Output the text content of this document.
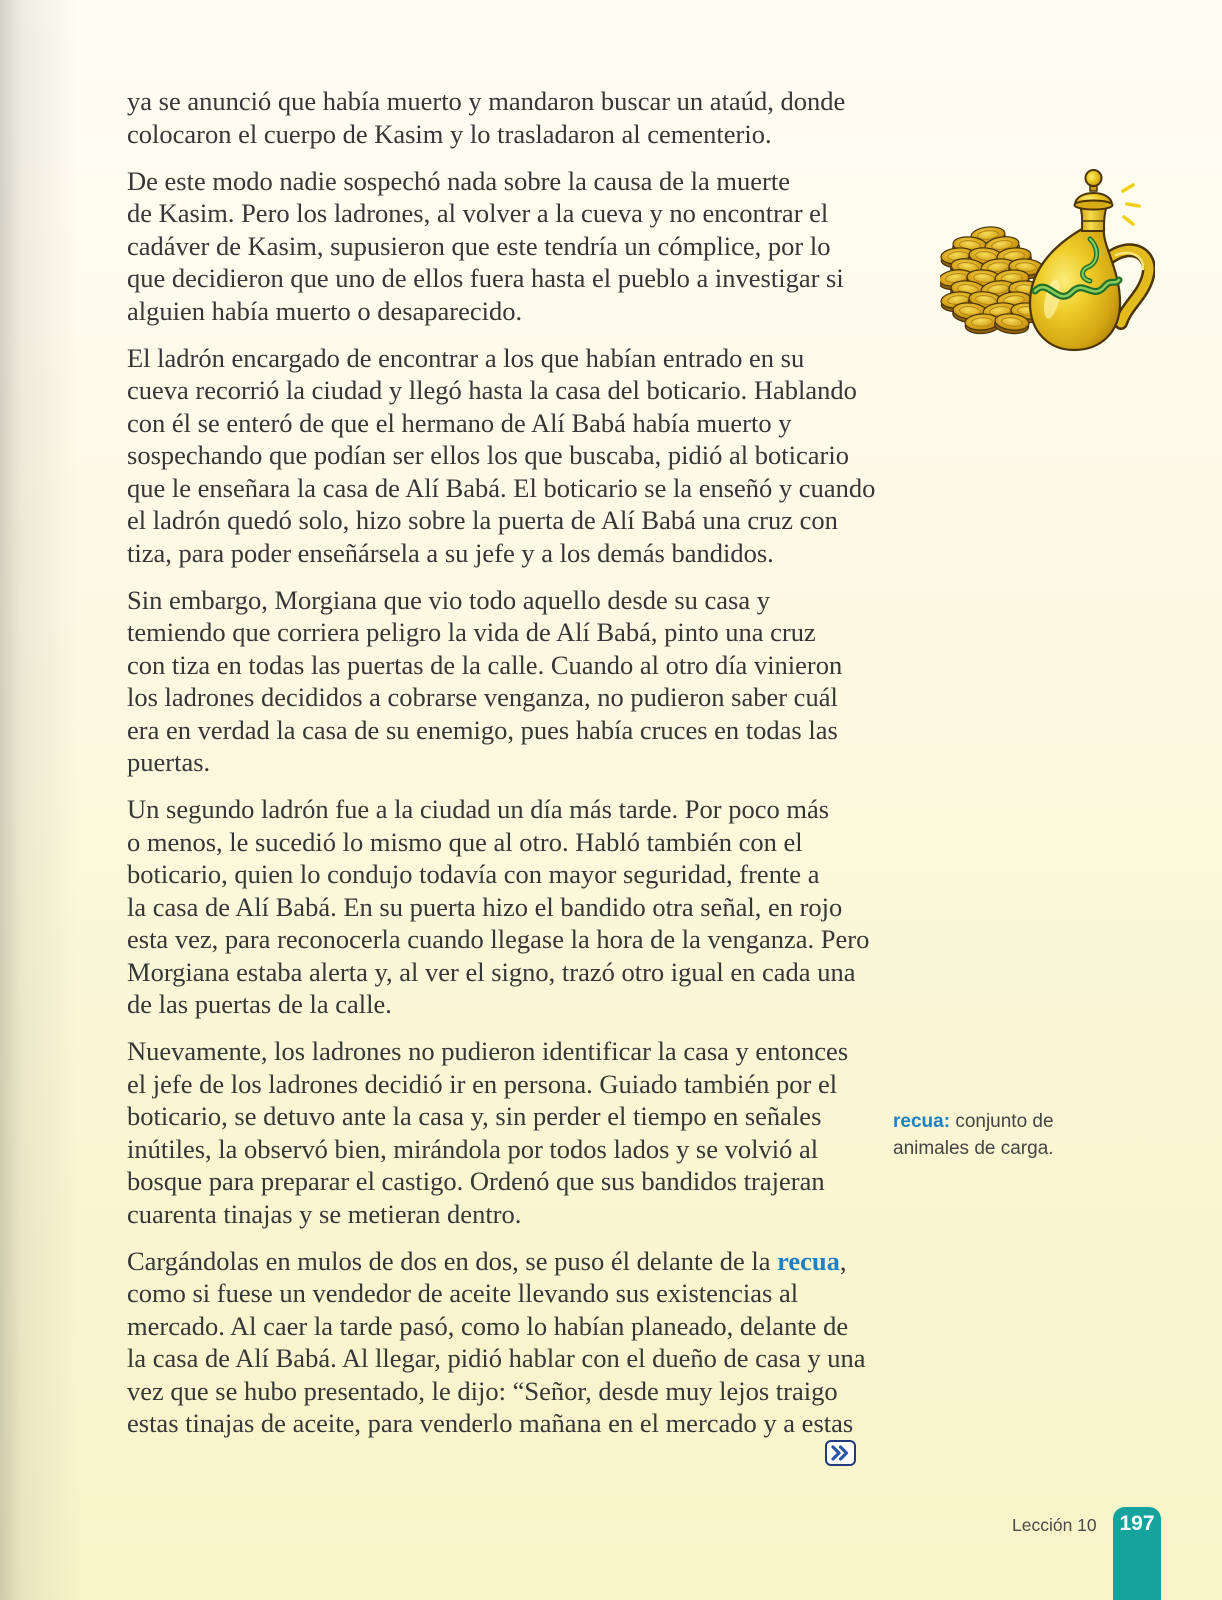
ya se anunció que había muerto y mandaron buscar un ataúd, donde
colocaron el cuerpo de Kasim y lo trasladaron al cementerio.

De este modo nadie sospechó nada sobre la causa de la muerte
de Kasim. Pero los ladrones, al volver a la cueva y no encontrar el
cadáver de Kasim, supusieron que este tendría un cómplice, por lo
que decidieron que uno de ellos fuera hasta el pueblo a investigar si
alguien había muerto o desaparecido.

El ladrón encargado de encontrar a los que habían entrado en su
cueva recorrió la ciudad y llegó hasta la casa del boticario. Hablando
con él se enteró de que el hermano de Alí Babá había muerto y
sospechando que podían ser ellos los que buscaba, pidió al boticario
que le enseñara la casa de Alí Babá. El boticario se la enseñó y cuando
el ladrón quedó solo, hizo sobre la puerta de Alí Babá una cruz con
tiza, para poder enseñársela a su jefe y a los demás bandidos.

Sin embargo, Morgiana que vio todo aquello desde su casa y
temiendo que corriera peligro la vida de Alí Babá, pinto una cruz
con tiza en todas las puertas de la calle. Cuando al otro día vinieron
los ladrones decididos a cobrarse venganza, no pudieron saber cuál
era en verdad la casa de su enemigo, pues había cruces en todas las
puertas.

Un segundo ladrón fue a la ciudad un día más tarde. Por poco más
o menos, le sucedió lo mismo que al otro. Habló también con el
boticario, quien lo condujo todavía con mayor seguridad, frente a
la casa de Alí Babá. En su puerta hizo el bandido otra señal, en rojo
esta vez, para reconocerla cuando llegase la hora de la venganza. Pero
Morgiana estaba alerta y, al ver el signo, trazó otro igual en cada una
de las puertas de la calle.

Nuevamente, los ladrones no pudieron identificar la casa y entonces
el jefe de los ladrones decidió ir en persona. Guiado también por el
boticario, se detuvo ante la casa y, sin perder el tiempo en señales
inútiles, la observó bien, mirándola por todos lados y se volvió al
bosque para preparar el castigo. Ordenó que sus bandidos trajeran
cuarenta tinajas y se metieran dentro.

Cargándolas en mulos de dos en dos, se puso él delante de la recua,
como si fuese un vendedor de aceite llevando sus existencias al
mercado. Al caer la tarde pasó, como lo habían planeado, delante de
la casa de Alí Babá. Al llegar, pidió hablar con el dueño de casa y una
vez que se hubo presentado, le dijo: “Señor, desde muy lejos traigo
estas tinajas de aceite, para venderlo mañana en el mercado y a estas

recua: conjunto de
animales de carga.
Lección 10	197
